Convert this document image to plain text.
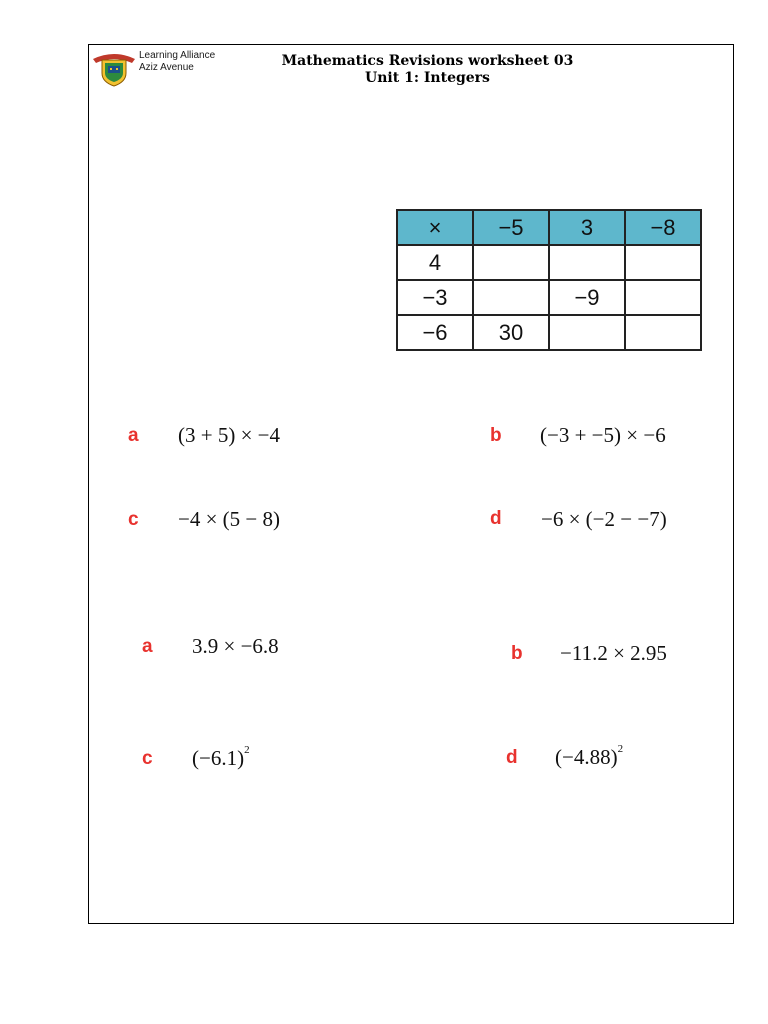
Learning Alliance
Aziz Avenue	Mathematics Revisions worksheet 03
Unit 1: Integers
×	−5	3	−8
4			
−3		−9	
−6	30		
a (3 + 5) × −4	b (−3 + −5) × −6
c −4 × (5 − 8)	d −6 × (−2 − −7)
a 3.9 × −6.8	b −11.2 × 2.95
c $(-6.1)^2$	d $(-4.88)^2$
